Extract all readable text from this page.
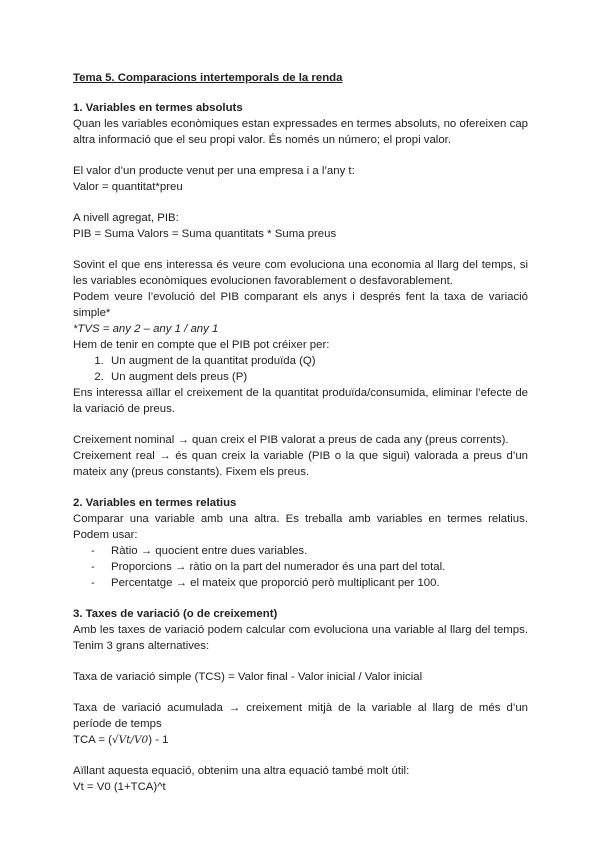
Tema 5. Comparacions intertemporals de la renda
1. Variables en termes absoluts

Quan les variables econòmiques estan expressades en termes absoluts, no ofereixen cap altra informació que el seu propi valor. És només un número; el propi valor.

El valor d’un producte venut per una empresa i a l’any t:

Valor = quantitat*preu

A nivell agregat, PIB:

PIB = Suma Valors = Suma quantitats * Suma preus

Sovint el que ens interessa és veure com evoluciona una economia al llarg del temps, si les variables econòmiques evolucionen favorablement o desfavorablement.

Podem veure l’evolució del PIB comparant els anys i després fent la taxa de variació simple*

*TVS = any 2 – any 1 / any 1

Hem de tenir en compte que el PIB pot créixer per:

1. Un augment de la quantitat produïda (Q)
2. Un augment dels preus (P)

Ens interessa aïllar el creixement de la quantitat produïda/consumida, eliminar l’efecte de la variació de preus.

Creixement nominal → quan creix el PIB valorat a preus de cada any (preus corrents).

Creixement real → és quan creix la variable (PIB o la que sigui) valorada a preus d’un mateix any (preus constants). Fixem els preus.

2. Variables en termes relatius

Comparar una variable amb una altra. Es treballa amb variables en termes relatius. Podem usar:

- Ràtio → quocient entre dues variables.
- Proporcions → ràtio on la part del numerador és una part del total.
- Percentatge → el mateix que proporció però multiplicant per 100.
3. Taxes de variació (o de creixement)

Amb les taxes de variació podem calcular com evoluciona una variable al llarg del temps. Tenim 3 grans alternatives:

Taxa de variació simple (TCS) = Valor final - Valor inicial / Valor inicial

Taxa de variació acumulada → creixement mitjà de la variable al llarg de més d’un període de temps

TCA = (√Vt/V0) - 1

Aïllant aquesta equació, obtenim una altra equació també molt útil:

Vt = V0 (1+TCA)^t
